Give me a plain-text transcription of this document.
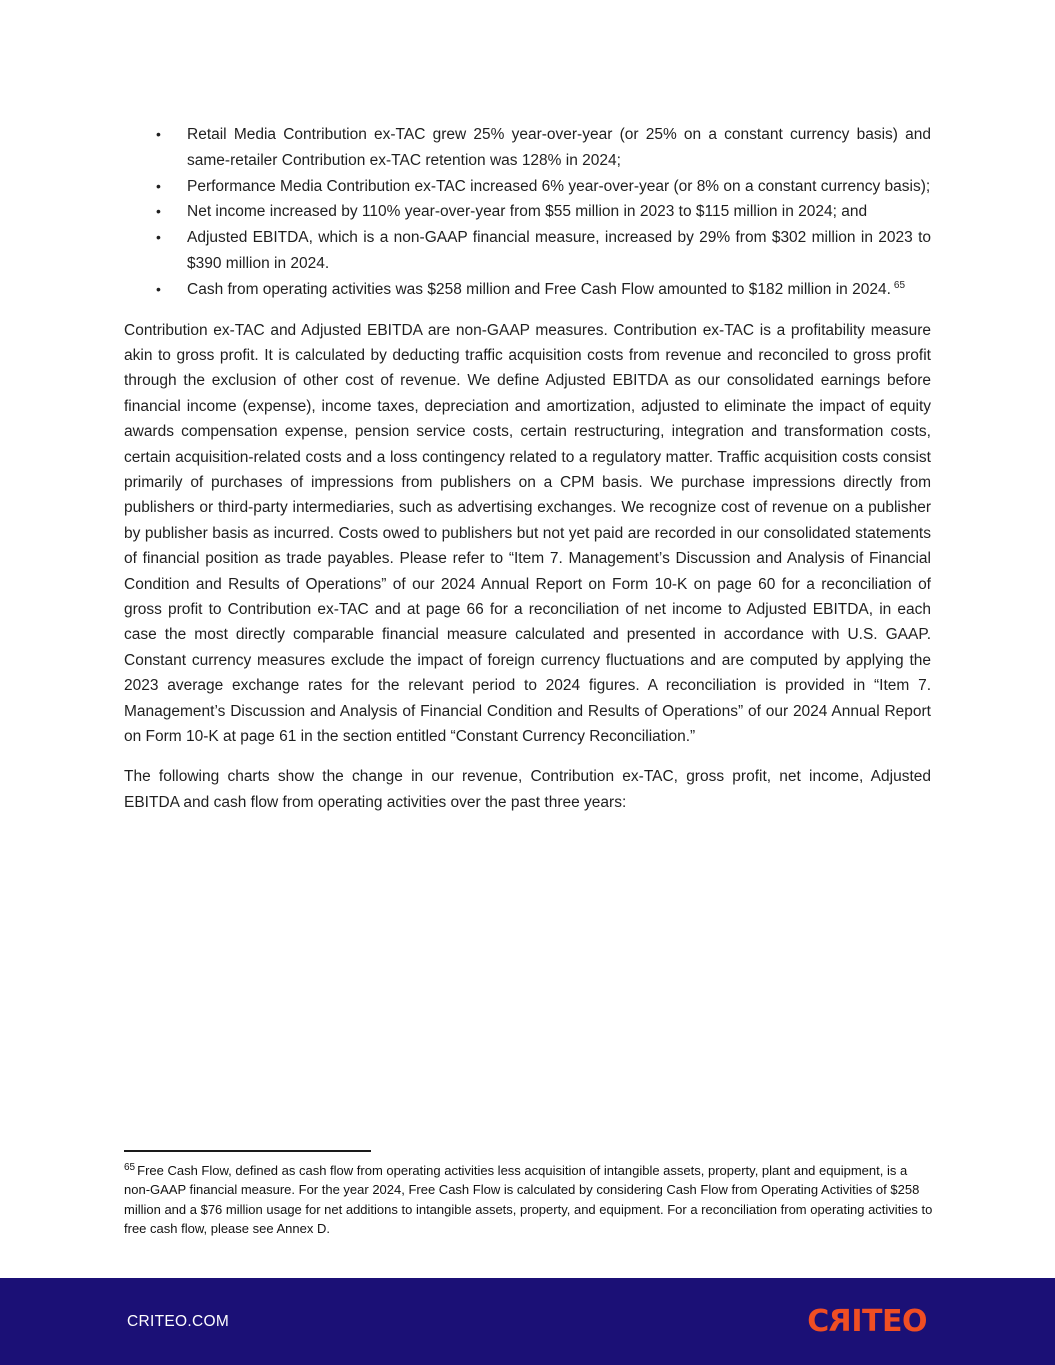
• Retail Media Contribution ex-TAC grew 25% year-over-year (or 25% on a constant currency basis) and same-retailer Contribution ex-TAC retention was 128% in 2024;
• Performance Media Contribution ex-TAC increased 6% year-over-year (or 8% on a constant currency basis);
• Net income increased by 110% year-over-year from $55 million in 2023 to $115 million in 2024; and
• Adjusted EBITDA, which is a non-GAAP financial measure, increased by 29% from $302 million in 2023 to $390 million in 2024.
• Cash from operating activities was $258 million and Free Cash Flow amounted to $182 million in 2024. $^{65}$

Contribution ex-TAC and Adjusted EBITDA are non-GAAP measures. Contribution ex-TAC is a profitability measure akin to gross profit. It is calculated by deducting traffic acquisition costs from revenue and reconciled to gross profit through the exclusion of other cost of revenue. We define Adjusted EBITDA as our consolidated earnings before financial income (expense), income taxes, depreciation and amortization, adjusted to eliminate the impact of equity awards compensation expense, pension service costs, certain restructuring, integration and transformation costs, certain acquisition-related costs and a loss contingency related to a regulatory matter. Traffic acquisition costs consist primarily of purchases of impressions from publishers on a CPM basis. We purchase impressions directly from publishers or third-party intermediaries, such as advertising exchanges. We recognize cost of revenue on a publisher by publisher basis as incurred. Costs owed to publishers but not yet paid are recorded in our consolidated statements of financial position as trade payables. Please refer to “Item 7. Management’s Discussion and Analysis of Financial Condition and Results of Operations” of our 2024 Annual Report on Form 10-K on page 60 for a reconciliation of gross profit to Contribution ex-TAC and at page 66 for a reconciliation of net income to Adjusted EBITDA, in each case the most directly comparable financial measure calculated and presented in accordance with U.S. GAAP. Constant currency measures exclude the impact of foreign currency fluctuations and are computed by applying the 2023 average exchange rates for the relevant period to 2024 figures. A reconciliation is provided in “Item 7. Management’s Discussion and Analysis of Financial Condition and Results of Operations” of our 2024 Annual Report on Form 10-K at page 61 in the section entitled “Constant Currency Reconciliation.”

The following charts show the change in our revenue, Contribution ex-TAC, gross profit, net income, Adjusted EBITDA and cash flow from operating activities over the past three years:

$^{65}$ Free Cash Flow, defined as cash flow from operating activities less acquisition of intangible assets, property, plant and equipment, is a non-GAAP financial measure. For the year 2024, Free Cash Flow is calculated by considering Cash Flow from Operating Activities of $258 million and a $76 million usage for net additions to intangible assets, property, and equipment. For a reconciliation from operating activities to free cash flow, please see Annex D.

CRITEO.COM	CRITEO
